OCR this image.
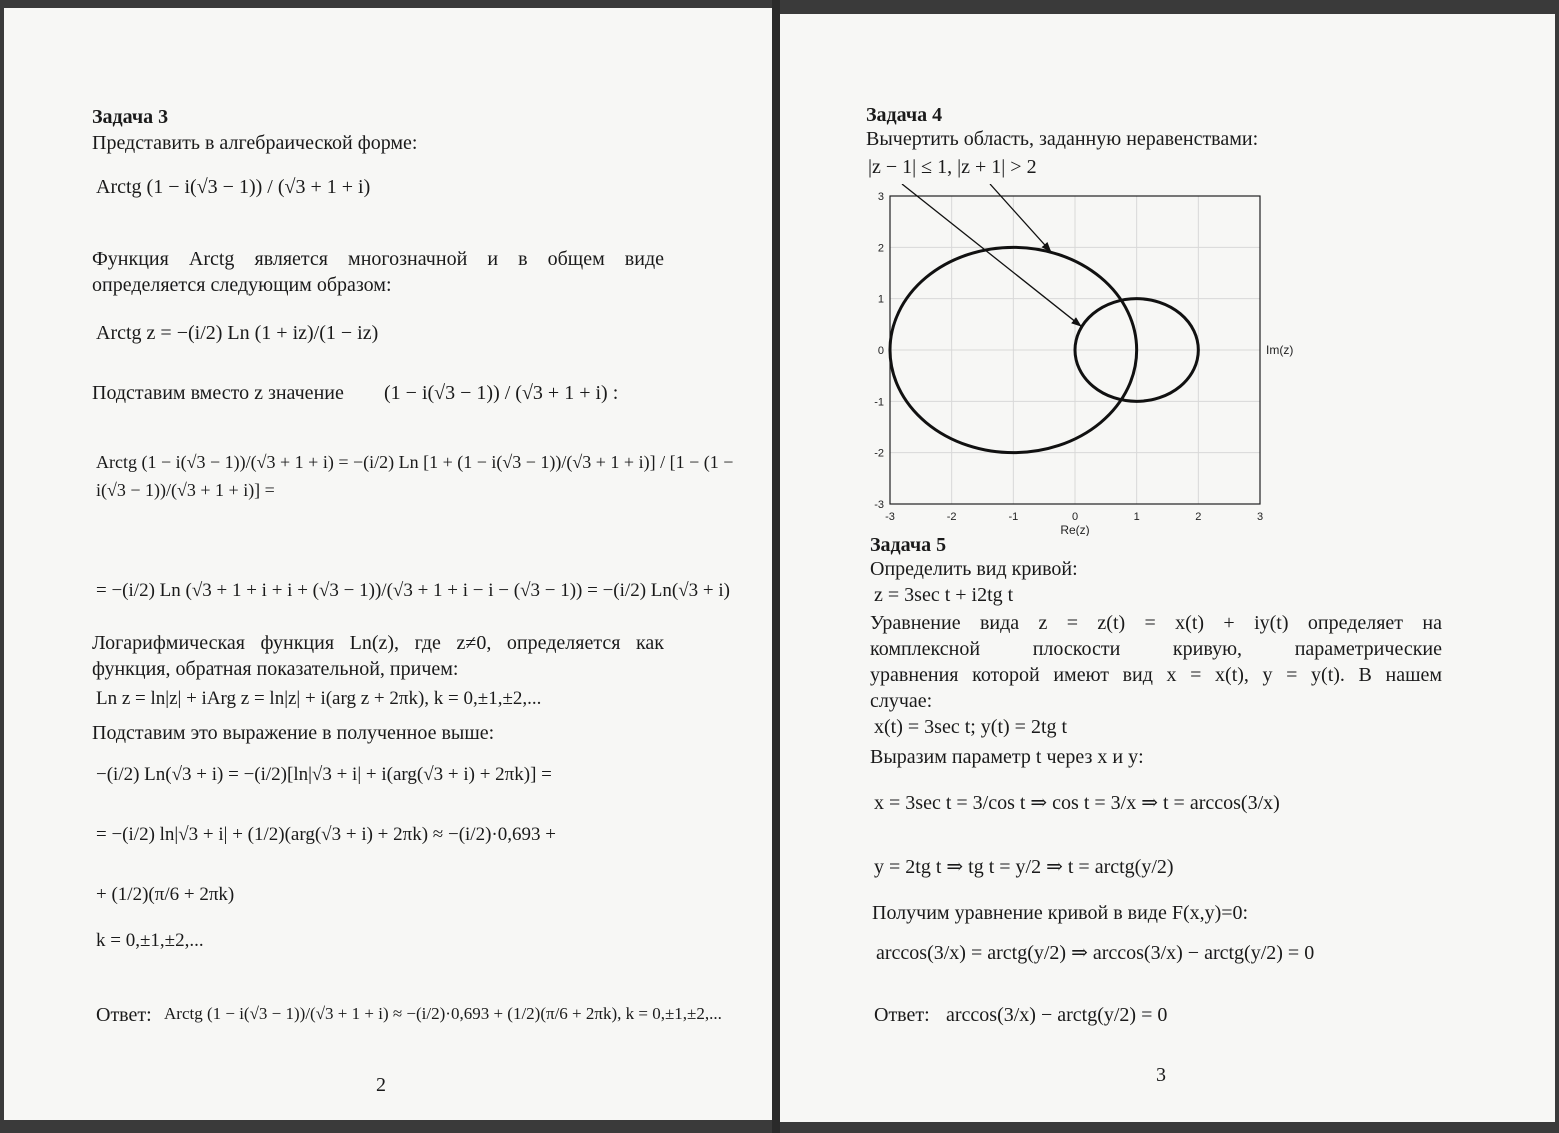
Задача 3
Представить в алгебраической форме:
Arctg (1 − i(√3 − 1)) / (√3 + 1 + i)
Функция Arctg является многозначной и в общем виде
определяется следующим образом:
Arctg z = −(i/2) Ln (1 + iz)/(1 − iz)
Подставим вместо z значение (1 − i(√3 − 1)) / (√3 + 1 + i) :
Arctg (1 − i(√3 − 1))/(√3 + 1 + i) = −(i/2) Ln [1 + (1 − i(√3 − 1))/(√3 + 1 + i)] / [1 − (1 − i(√3 − 1))/(√3 + 1 + i)] =
= −(i/2) Ln (√3 + 1 + i + i + (√3 − 1))/(√3 + 1 + i − i − (√3 − 1)) = −(i/2) Ln(√3 + i)
Логарифмическая функция Ln(z), где z≠0, определяется как
функция, обратная показательной, причем:
Ln z = ln|z| + iArg z = ln|z| + i(arg z + 2πk), k = 0,±1,±2,...
Подставим это выражение в полученное выше:
−(i/2) Ln(√3 + i) = −(i/2)[ln|√3 + i| + i(arg(√3 + i) + 2πk)] =
= −(i/2) ln|√3 + i| + (1/2)(arg(√3 + i) + 2πk) ≈ −(i/2)·0,693 +
+ (1/2)(π/6 + 2πk)
k = 0,±1,±2,...
Ответ: Arctg (1 − i(√3 − 1))/(√3 + 1 + i) ≈ −(i/2)·0,693 + (1/2)(π/6 + 2πk), k = 0,±1,±2,...
2
Задача 4
Вычертить область, заданную неравенствами:
|z − 1| ≤ 1, |z + 1| > 2
-3	-2	-1	0	1	2	3
3
2
1
0
-1
-2
-3
Re(z)
Im(z)
Задача 5
Определить вид кривой:
z = 3sec t + i2tg t
Уравнение вида z = z(t) = x(t) + iy(t) определяет на
комплексной плоскости кривую, параметрические
уравнения которой имеют вид x = x(t), y = y(t). В нашем
случае:
x(t) = 3sec t; y(t) = 2tg t
Выразим параметр t через x и y:
x = 3sec t = 3/cos t ⇒ cos t = 3/x ⇒ t = arccos(3/x)
y = 2tg t ⇒ tg t = y/2 ⇒ t = arctg(y/2)
Получим уравнение кривой в виде F(x,y)=0:
arccos(3/x) = arctg(y/2) ⇒ arccos(3/x) − arctg(y/2) = 0
Ответ: arccos(3/x) − arctg(y/2) = 0
3
